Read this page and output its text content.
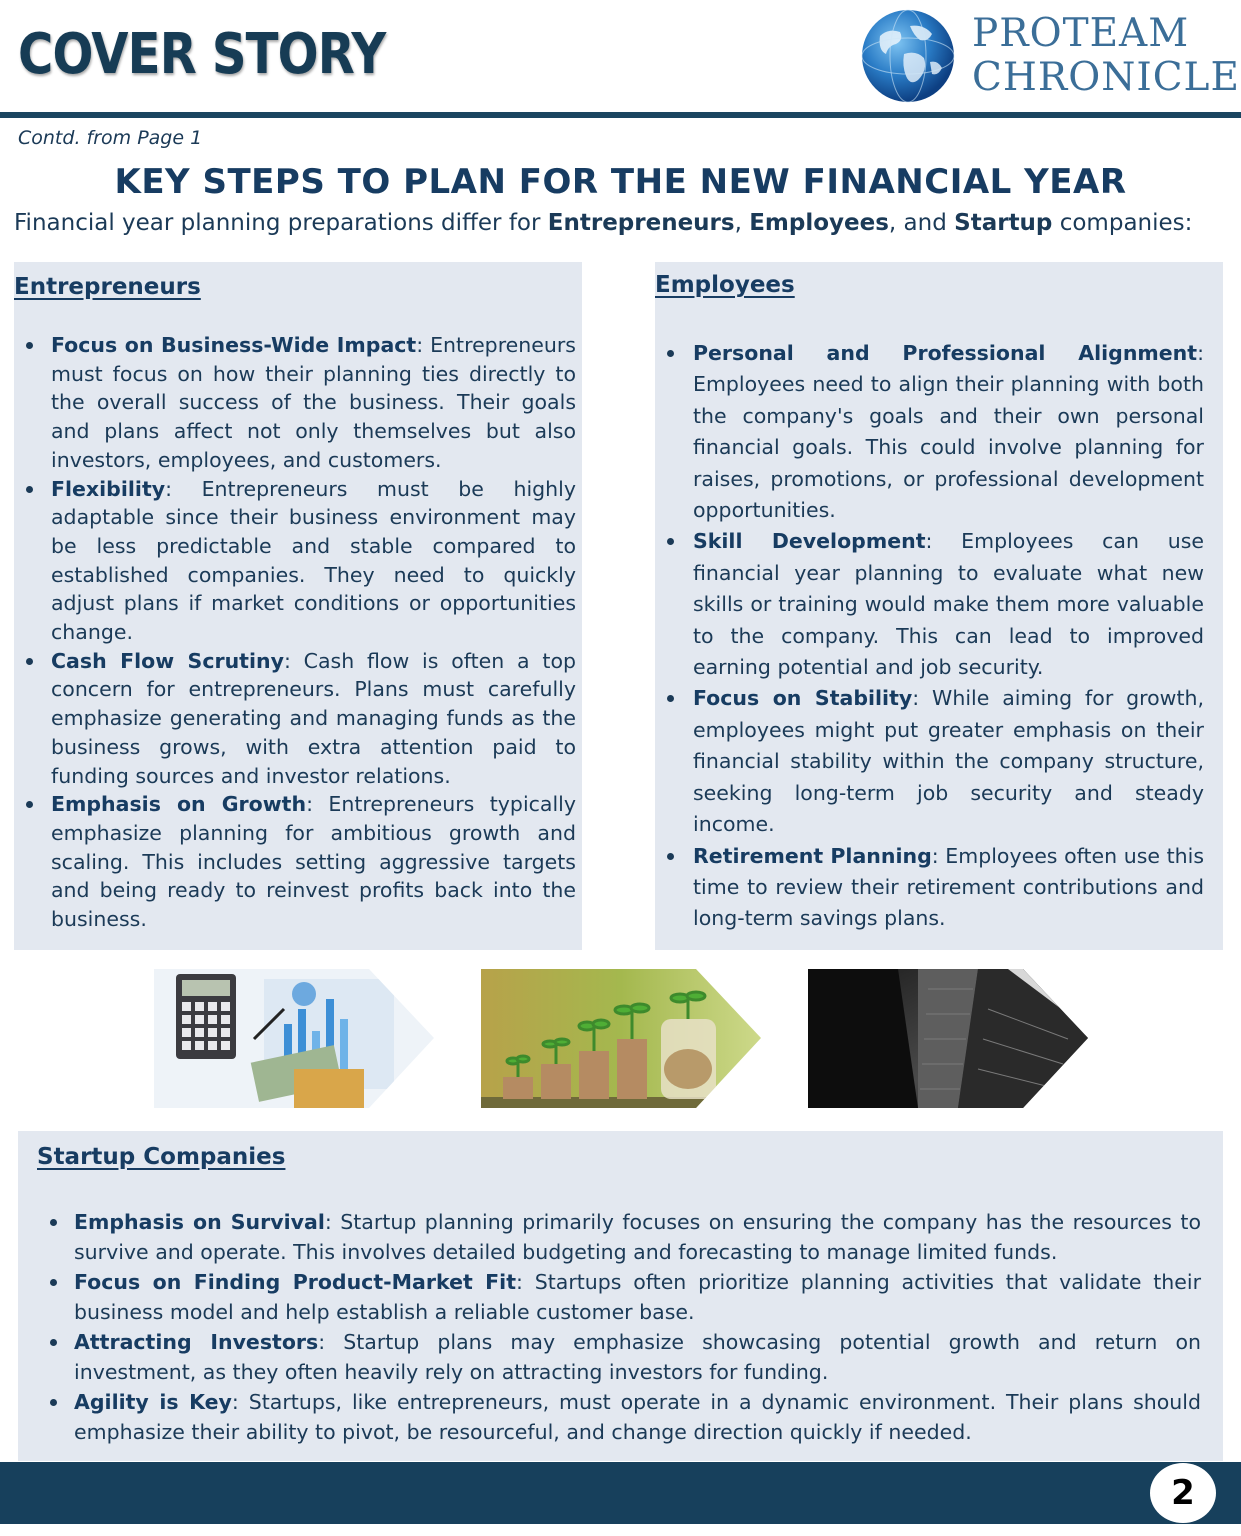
COVER STORY	PROTEAM
CHRONICLE
Contd. from Page 1
KEY STEPS TO PLAN FOR THE NEW FINANCIAL YEAR
Financial year planning preparations differ for Entrepreneurs, Employees, and Startup companies:
Entrepreneurs
Focus on Business-Wide Impact: Entrepreneurs must focus on how their planning ties directly to the overall success of the business. Their goals and plans affect not only themselves but also investors, employees, and customers.
Flexibility: Entrepreneurs must be highly adaptable since their business environment may be less predictable and stable compared to established companies. They need to quickly adjust plans if market conditions or opportunities change.
Cash Flow Scrutiny: Cash flow is often a top concern for entrepreneurs. Plans must carefully emphasize generating and managing funds as the business grows, with extra attention paid to funding sources and investor relations.
Emphasis on Growth: Entrepreneurs typically emphasize planning for ambitious growth and scaling. This includes setting aggressive targets and being ready to reinvest profits back into the business.
Employees
Personal and Professional Alignment: Employees need to align their planning with both the company's goals and their own personal financial goals. This could involve planning for raises, promotions, or professional development opportunities.
Skill Development: Employees can use financial year planning to evaluate what new skills or training would make them more valuable to the company. This can lead to improved earning potential and job security.
Focus on Stability: While aiming for growth, employees might put greater emphasis on their financial stability within the company structure, seeking long-term job security and steady income.
Retirement Planning: Employees often use this time to review their retirement contributions and long-term savings plans.
Startup Companies
Emphasis on Survival: Startup planning primarily focuses on ensuring the company has the resources to survive and operate. This involves detailed budgeting and forecasting to manage limited funds.
Focus on Finding Product-Market Fit: Startups often prioritize planning activities that validate their business model and help establish a reliable customer base.
Attracting Investors: Startup plans may emphasize showcasing potential growth and return on investment, as they often heavily rely on attracting investors for funding.
Agility is Key: Startups, like entrepreneurs, must operate in a dynamic environment. Their plans should emphasize their ability to pivot, be resourceful, and change direction quickly if needed.
2
